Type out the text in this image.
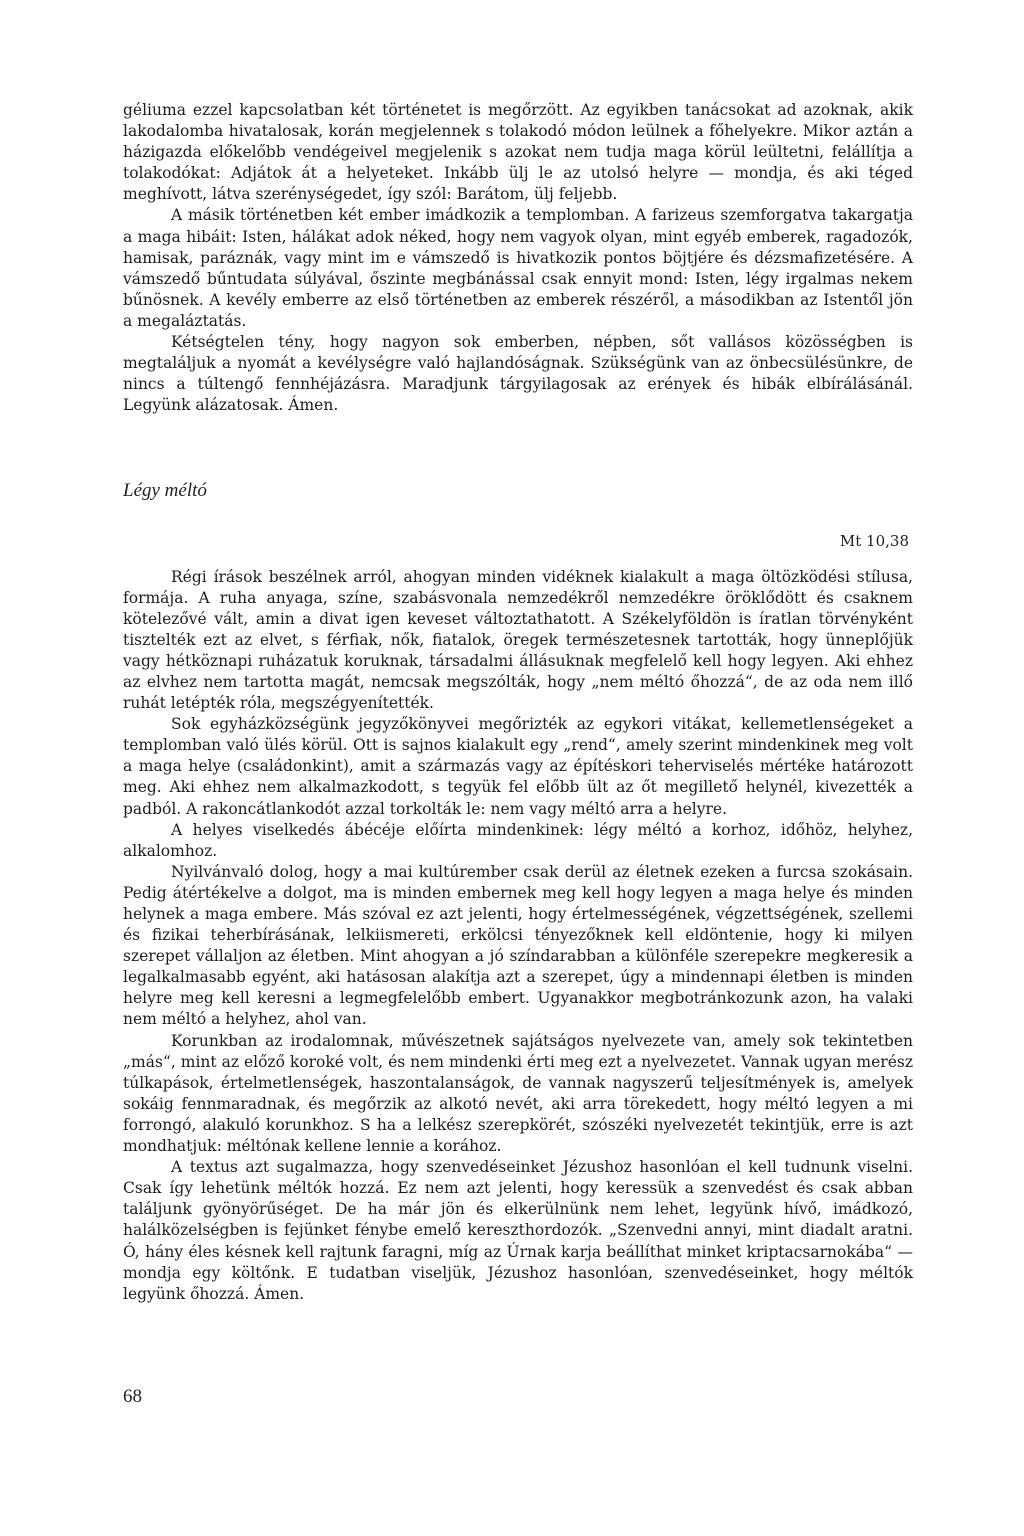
géliuma ezzel kapcsolatban két történetet is megőrzött. Az egyikben tanácsokat ad azoknak, akik lakodalomba hivatalosak, korán megjelennek s tolakodó módon leülnek a főhelyekre. Mikor aztán a házigazda előkelőbb vendégeivel megjelenik s azokat nem tudja maga körül leültetni, felállítja a tolakodókat: Adjátok át a helyeteket. Inkább ülj le az utolsó helyre — mondja, és aki téged meghívott, látva szerénységedet, így szól: Barátom, ülj feljebb.

A másik történetben két ember imádkozik a templomban. A farizeus szemforgatva takargatja a maga hibáit: Isten, hálákat adok néked, hogy nem vagyok olyan, mint egyéb emberek, ragadozók, hamisak, paráznák, vagy mint im e vámszedő is hivatkozik pontos böjtjére és dézsmafizetésére. A vámszedő bűntudata súlyával, őszinte megbánással csak ennyit mond: Isten, légy irgalmas nekem bűnösnek. A kevély emberre az első történetben az emberek részéről, a másodikban az Istentől jön a megaláztatás.

Kétségtelen tény, hogy nagyon sok emberben, népben, sőt vallásos közösségben is megtaláljuk a nyomát a kevélységre való hajlandóságnak. Szükségünk van az önbecsülésünkre, de nincs a túltengő fennhéjázásra. Maradjunk tárgyilagosak az erények és hibák elbírálásánál. Legyünk alázatosak. Ámen.

Légy méltó
Mt 10,38

Régi írások beszélnek arról, ahogyan minden vidéknek kialakult a maga öltözködési stílusa, formája. A ruha anyaga, színe, szabásvonala nemzedékről nemzedékre öröklődött és csaknem kötelezővé vált, amin a divat igen keveset változtathatott. A Székelyföldön is íratlan törvényként tisztelték ezt az elvet, s férfiak, nők, fiatalok, öregek természetesnek tartották, hogy ünneplőjük vagy hétköznapi ruházatuk koruknak, társadalmi állásuknak megfelelő kell hogy legyen. Aki ehhez az elvhez nem tartotta magát, nemcsak megszólták, hogy „nem méltó őhozzá“, de az oda nem illő ruhát letépték róla, megszégyenítették.

Sok egyházközségünk jegyzőkönyvei megőrizték az egykori vitákat, kellemetlenségeket a templomban való ülés körül. Ott is sajnos kialakult egy „rend“, amely szerint mindenkinek meg volt a maga helye (családonkint), amit a származás vagy az építéskori teherviselés mértéke határozott meg. Aki ehhez nem alkalmazkodott, s tegyük fel előbb ült az őt megillető helynél, kivezették a padból. A rakoncátlankodót azzal torkolták le: nem vagy méltó arra a helyre.

A helyes viselkedés ábécéje előírta mindenkinek: légy méltó a korhoz, időhöz, helyhez, alkalomhoz.

Nyilvánvaló dolog, hogy a mai kultúrember csak derül az életnek ezeken a furcsa szokásain. Pedig átértékelve a dolgot, ma is minden embernek meg kell hogy legyen a maga helye és minden helynek a maga embere. Más szóval ez azt jelenti, hogy értelmességének, végzettségének, szellemi és fizikai teherbírásának, lelkiismereti, erkölcsi tényezőknek kell eldöntenie, hogy ki milyen szerepet vállaljon az életben. Mint ahogyan a jó színdarabban a különféle szerepekre megkeresik a legalkalmasabb egyént, aki hatásosan alakítja azt a szerepet, úgy a mindennapi életben is minden helyre meg kell keresni a legmegfelelőbb embert. Ugyanakkor megbotránkozunk azon, ha valaki nem méltó a helyhez, ahol van.

Korunkban az irodalomnak, művészetnek sajátságos nyelvezete van, amely sok tekintetben „más“, mint az előző koroké volt, és nem mindenki érti meg ezt a nyelvezetet. Vannak ugyan merész túlkapások, értelmetlenségek, haszontalanságok, de vannak nagyszerű teljesítmények is, amelyek sokáig fennmaradnak, és megőrzik az alkotó nevét, aki arra törekedett, hogy méltó legyen a mi forrongó, alakuló korunkhoz. S ha a lelkész szerepkörét, szószéki nyelvezetét tekintjük, erre is azt mondhatjuk: méltónak kellene lennie a korához.

A textus azt sugalmazza, hogy szenvedéseinket Jézushoz hasonlóan el kell tudnunk viselni. Csak így lehetünk méltók hozzá. Ez nem azt jelenti, hogy keressük a szenvedést és csak abban találjunk gyönyörűséget. De ha már jön és elkerülnünk nem lehet, legyünk hívő, imádkozó, halálközelségben is fejünket fénybe emelő kereszthordozók. „Szenvedni annyi, mint diadalt aratni. Ó, hány éles késnek kell rajtunk faragni, míg az Úrnak karja beállíthat minket kriptacsarnokába“ — mondja egy költőnk. E tudatban viseljük, Jézushoz hasonlóan, szenvedéseinket, hogy méltók legyünk őhozzá. Ámen.

68
